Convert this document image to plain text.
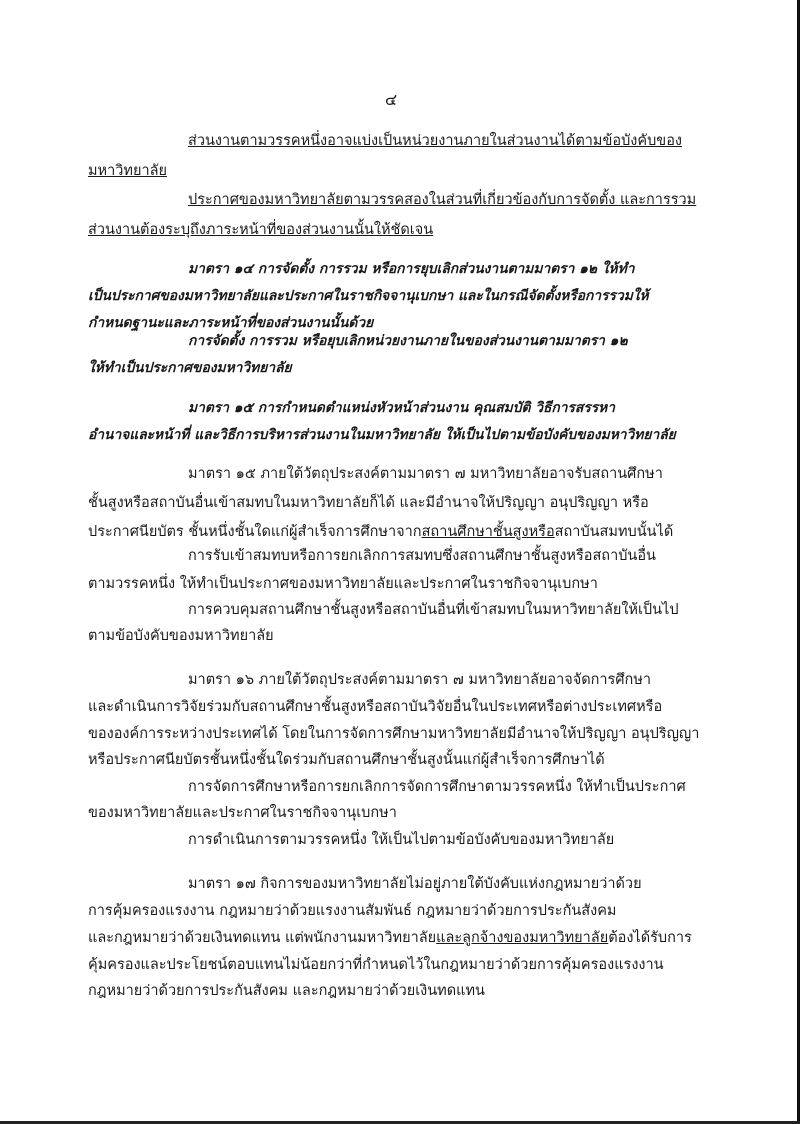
๔
ส่วนงานตามวรรคหนึ่งอาจแบ่งเป็นหน่วยงานภายในส่วนงานได้ตามข้อบังคับของ
มหาวิทยาลัย
ประกาศของมหาวิทยาลัยตามวรรคสองในส่วนที่เกี่ยวข้องกับการจัดตั้ง และการรวม
ส่วนงานต้องระบุถึงภาระหน้าที่ของส่วนงานนั้นให้ชัดเจน
มาตรา ๑๔ การจัดตั้ง การรวม หรือการยุบเลิกส่วนงานตามมาตรา ๑๒ ให้ทำ
เป็นประกาศของมหาวิทยาลัยและประกาศในราชกิจจานุเบกษา และในกรณีจัดตั้งหรือการรวมให้
กำหนดฐานะและภาระหน้าที่ของส่วนงานนั้นด้วย
การจัดตั้ง การรวม หรือยุบเลิกหน่วยงานภายในของส่วนงานตามมาตรา ๑๒
ให้ทำเป็นประกาศของมหาวิทยาลัย
มาตรา ๑๕ การกำหนดตำแหน่งหัวหน้าส่วนงาน คุณสมบัติ วิธีการสรรหา
อำนาจและหน้าที่ และวิธีการบริหารส่วนงานในมหาวิทยาลัย ให้เป็นไปตามข้อบังคับของมหาวิทยาลัย
มาตรา ๑๕ ภายใต้วัตถุประสงค์ตามมาตรา ๗ มหาวิทยาลัยอาจรับสถานศึกษา
ชั้นสูงหรือสถาบันอื่นเข้าสมทบในมหาวิทยาลัยก็ได้ และมีอำนาจให้ปริญญา อนุปริญญา หรือ
ประกาศนียบัตร ชั้นหนึ่งชั้นใดแก่ผู้สำเร็จการศึกษาจากสถานศึกษาชั้นสูงหรือสถาบันสมทบนั้นได้
การรับเข้าสมทบหรือการยกเลิกการสมทบซึ่งสถานศึกษาชั้นสูงหรือสถาบันอื่น
ตามวรรคหนึ่ง ให้ทำเป็นประกาศของมหาวิทยาลัยและประกาศในราชกิจจานุเบกษา
การควบคุมสถานศึกษาชั้นสูงหรือสถาบันอื่นที่เข้าสมทบในมหาวิทยาลัยให้เป็นไป
ตามข้อบังคับของมหาวิทยาลัย
มาตรา ๑๖ ภายใต้วัตถุประสงค์ตามมาตรา ๗ มหาวิทยาลัยอาจจัดการศึกษา
และดำเนินการวิจัยร่วมกับสถานศึกษาชั้นสูงหรือสถาบันวิจัยอื่นในประเทศหรือต่างประเทศหรือ
ขององค์การระหว่างประเทศได้ โดยในการจัดการศึกษามหาวิทยาลัยมีอำนาจให้ปริญญา อนุปริญญา
หรือประกาศนียบัตรชั้นหนึ่งชั้นใดร่วมกับสถานศึกษาชั้นสูงนั้นแก่ผู้สำเร็จการศึกษาได้
การจัดการศึกษาหรือการยกเลิกการจัดการศึกษาตามวรรคหนึ่ง ให้ทำเป็นประกาศ
ของมหาวิทยาลัยและประกาศในราชกิจจานุเบกษา
การดำเนินการตามวรรคหนึ่ง ให้เป็นไปตามข้อบังคับของมหาวิทยาลัย
มาตรา ๑๗ กิจการของมหาวิทยาลัยไม่อยู่ภายใต้บังคับแห่งกฎหมายว่าด้วย
การคุ้มครองแรงงาน กฎหมายว่าด้วยแรงงานสัมพันธ์ กฎหมายว่าด้วยการประกันสังคม
และกฎหมายว่าด้วยเงินทดแทน แต่พนักงานมหาวิทยาลัยและลูกจ้างของมหาวิทยาลัยต้องได้รับการ
คุ้มครองและประโยชน์ตอบแทนไม่น้อยกว่าที่กำหนดไว้ในกฎหมายว่าด้วยการคุ้มครองแรงงาน
กฎหมายว่าด้วยการประกันสังคม และกฎหมายว่าด้วยเงินทดแทน
